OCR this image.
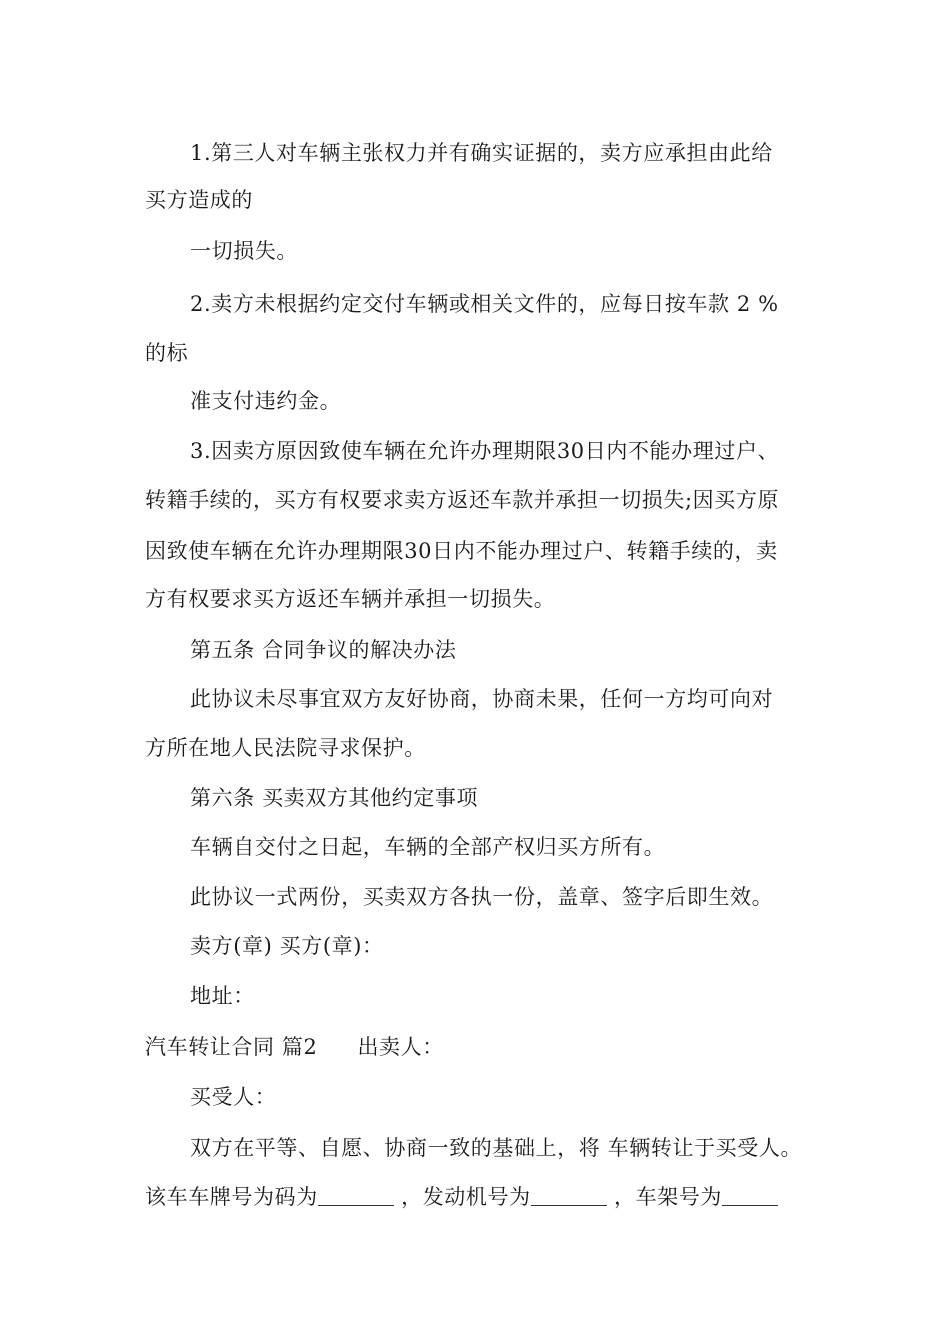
1.第三人对车辆主张权力并有确实证据的，卖方应承担由此给
买方造成的
一切损失。
2.卖方未根据约定交付车辆或相关文件的，应每日按车款 2 %
的标
准支付违约金。
3.因卖方原因致使车辆在允许办理期限30日内不能办理过户、
转籍手续的，买方有权要求卖方返还车款并承担一切损失;因买方原
因致使车辆在允许办理期限30日内不能办理过户、转籍手续的，卖
方有权要求买方返还车辆并承担一切损失。
第五条 合同争议的解决办法
此协议未尽事宜双方友好协商，协商未果，任何一方均可向对
方所在地人民法院寻求保护。
第六条 买卖双方其他约定事项
车辆自交付之日起，车辆的全部产权归买方所有。
此协议一式两份，买卖双方各执一份，盖章、签字后即生效。
卖方(章) 买方(章)：
地址：
汽车转让合同 篇2 出卖人：
买受人：
双方在平等、自愿、协商一致的基础上，将 车辆转让于买受人。
该车车牌号为码为	，发动机号为	，车架号为
